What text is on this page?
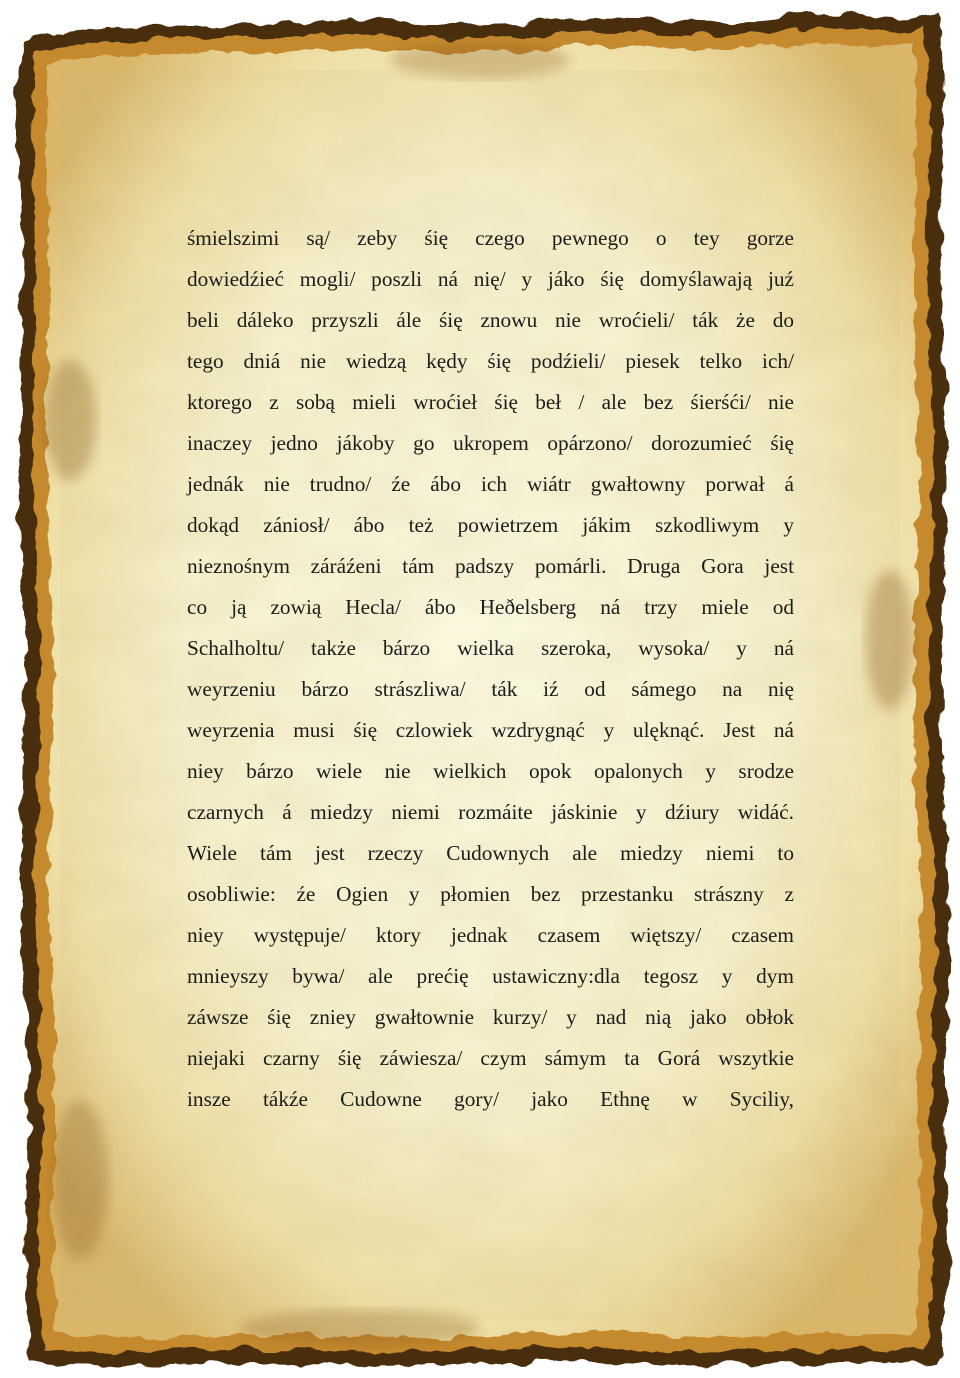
śmielszimi są/ zeby śię czego pewnego o tey gorze
dowiedźieć mogli/ poszli ná nię/ y jáko śię domyślawają juź
beli dáleko przyszli ále śię znowu nie wroćieli/ ták że do
tego dniá nie wiedzą kędy śię podźieli/ piesek telko ich/
ktorego z sobą mieli wroćieł śię beł / ale bez śierśći/ nie
inaczey jedno jákoby go ukropem opárzono/ dorozumieć śię
jednák nie trudno/ źe ábo ich wiátr gwałtowny porwał á
dokąd zániosł/ ábo też powietrzem jákim szkodliwym y
nieznośnym záráźeni tám padszy pomárli. Druga Gora jest
co ją zowią Hecla/ ábo Heðelsberg ná trzy miele od
Schalholtu/ także bárzo wielka szeroka, wysoka/ y ná
weyrzeniu bárzo strászliwa/ ták iź od sámego na nię
weyrzenia musi śię czlowiek wzdrygnąć y ulęknąć. Jest ná
niey bárzo wiele nie wielkich opok opalonych y srodze
czarnych á miedzy niemi rozmáite jáskinie y dźiury widáć.
Wiele tám jest rzeczy Cudownych ale miedzy niemi to
osobliwie: źe Ogien y płomien bez przestanku strászny z
niey występuje/ ktory jednak czasem więtszy/ czasem
mnieyszy bywa/ ale prećię ustawiczny:dla tegosz y dym
záwsze śię zniey gwałtownie kurzy/ y nad nią jako obłok
niejaki czarny śię záwiesza/ czym sámym ta Gorá wszytkie
insze tákźe Cudowne gory/ jako Ethnę w Syciliy,
